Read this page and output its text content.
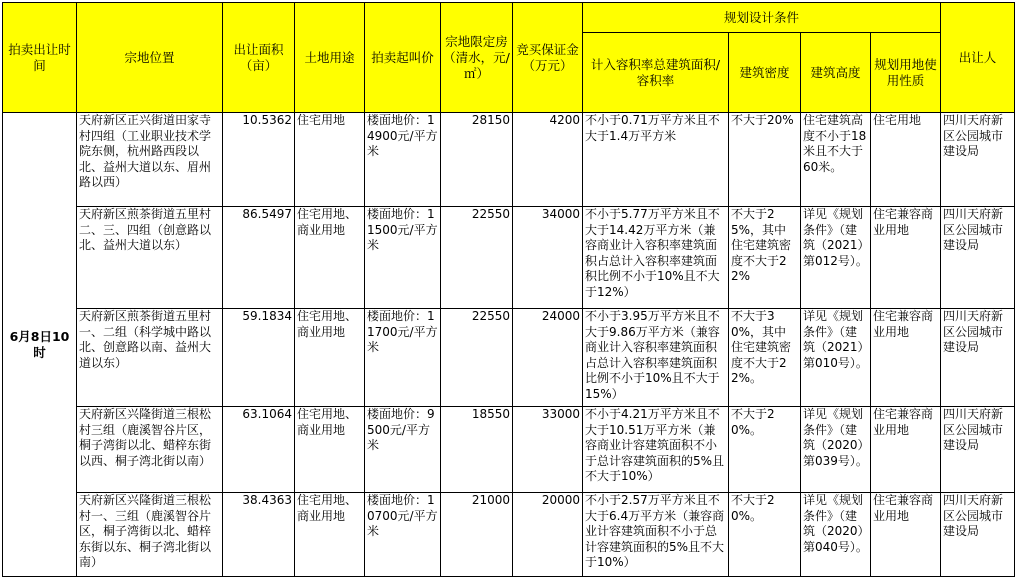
拍卖出让时间	宗地位置	出让面积（亩）	土地用途	拍卖起叫价	宗地限定房（清水，元/㎡）	竞买保证金（万元）	规划设计条件				出让人
							计入容积率总建筑面积/容积率	建筑密度	建筑高度	规划用地使用性质	
6月8日10时	天府新区正兴街道田家寺村四组（工业职业技术学院东侧，杭州路西段以北、益州大道以东、眉州路以西）	10.5362	住宅用地	楼面地价：14900元/平方米	28150	4200	不小于0.71万平方米且不大于1.4万平方米	不大于20%	住宅建筑高度不小于18米且不大于60米。	住宅用地	四川天府新区公园城市建设局
	天府新区煎茶街道五里村二、三、四组（创意路以北、益州大道以东）	86.5497	住宅用地、商业用地	楼面地价：11500元/平方米	22550	34000	不小于5.77万平方米且不大于14.42万平方米（兼容商业计入容积率建筑面积占总计入容积率建筑面积比例不小于10%且不大于12%）	不大于25%，其中住宅建筑密度不大于22%	详见《规划条件》（建筑（2021）第012号）。	住宅兼容商业用地	四川天府新区公园城市建设局
	天府新区煎茶街道五里村一、二组（科学城中路以北、创意路以南、益州大道以东）	59.1834	住宅用地、商业用地	楼面地价：11700元/平方米	22550	24000	不小于3.95万平方米且不大于9.86万平方米（兼容商业计入容积率建筑面积占总计入容积率建筑面积比例不小于10%且不大于15%）	不大于30%，其中住宅建筑密度不大于22%。	详见《规划条件》（建筑（2021）第010号）。	住宅兼容商业用地	四川天府新区公园城市建设局
	天府新区兴隆街道三根松村三组（鹿溪智谷片区，桐子湾街以北、蜡梓东街以西、桐子湾北街以南）	63.1064	住宅用地、商业用地	楼面地价：9500元/平方米	18550	33000	不小于4.21万平方米且不大于10.51万平方米（兼容商业计容建筑面积不小于总计容建筑面积的5%且不大于10%）	不大于20%。	详见《规划条件》（建筑（2020）第039号）。	住宅兼容商业用地	四川天府新区公园城市建设局
	天府新区兴隆街道三根松村一、三组（鹿溪智谷片区，桐子湾街以北、蜡梓东街以东、桐子湾北街以南）	38.4363	住宅用地、商业用地	楼面地价：10700元/平方米	21000	20000	不小于2.57万平方米且不大于6.4万平方米（兼容商业计容建筑面积不小于总计容建筑面积的5%且不大于10%）	不大于20%。	详见《规划条件》（建筑（2020）第040号）。	住宅兼容商业用地	四川天府新区公园城市建设局
